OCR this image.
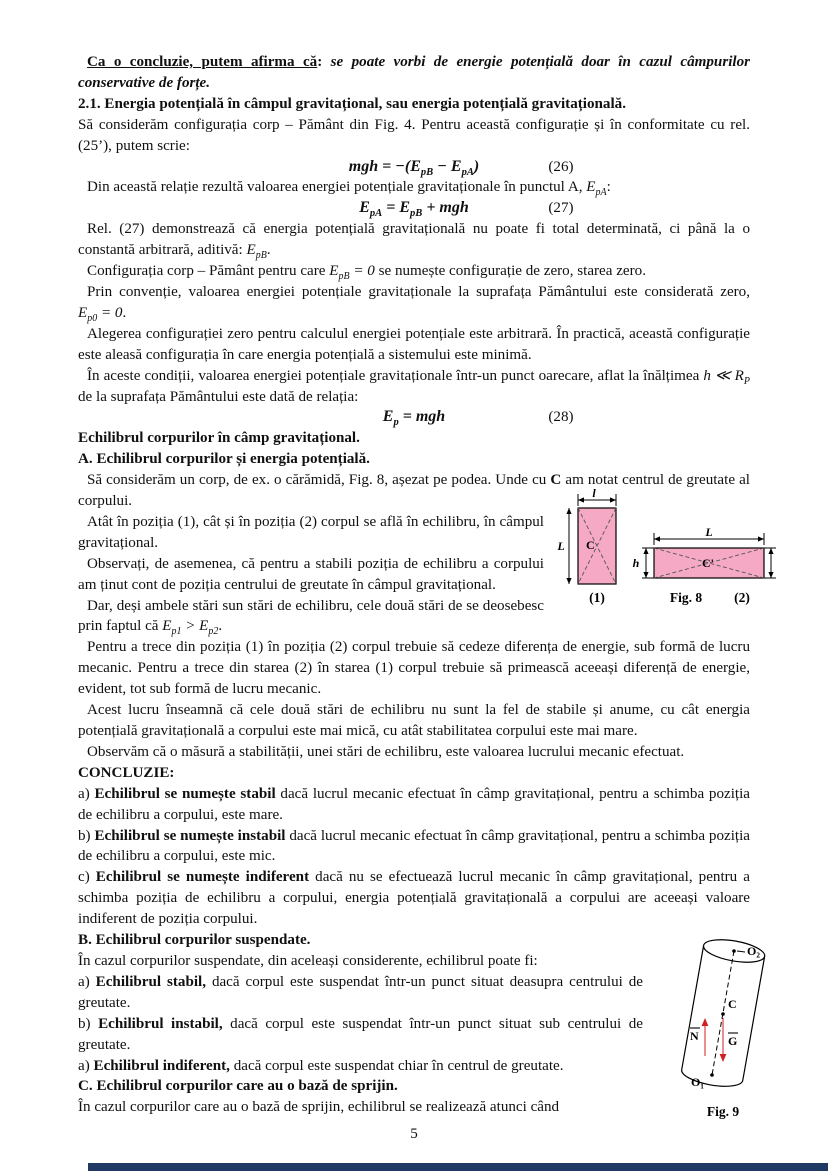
Ca o concluzie, putem afirma că: se poate vorbi de energie potențială doar în cazul câmpurilor conservative de forțe.

2.1. Energia potențială în câmpul gravitațional, sau energia potențială gravitațională.

Să considerăm configurația corp – Pământ din Fig. 4. Pentru această configurație și în conformitate cu rel. (25’), putem scrie:

mgh = $-(E_{pB} - E_{pA})$	(26)

Din această relație rezultă valoarea energiei potențiale gravitaționale în punctul A, $E_{pA}$:

$E_{pA} = E_{pB}$ + mgh	(27)

Rel. (27) demonstrează că energia potențială gravitațională nu poate fi total determinată, ci până la o constantă arbitrară, aditivă: $E_{pB}$.

Configurația corp – Pământ pentru care $E_{pB} = 0$ se numește configurație de zero, starea zero.

Prin convenție, valoarea energiei potențiale gravitaționale la suprafața Pământului este considerată zero, $E_{p0} = 0$.

Alegerea configurației zero pentru calculul energiei potențiale este arbitrară. În practică, această configurație este aleasă configurația în care energia potențială a sistemului este minimă.

În aceste condiții, valoarea energiei potențiale gravitaționale într-un punct oarecare, aflat la înălțimea h ≪ $R_P$ de la suprafața Pământului este dată de relația:

$E_p$ = mgh	(28)

Echilibrul corpurilor în câmp gravitațional.

A. Echilibrul corpurilor și energia potențială.

Să considerăm un corp, de ex. o cărămidă, Fig. 8, așezat pe podea. Unde cu C am notat centrul de greutate al corpului.

C
l
L
C'
L
h
(1)	Fig. 8 (2)

Atât în poziția (1), cât și în poziția (2) corpul se află în echilibru, în câmpul gravitațional.

Observați, de asemenea, că pentru a stabili poziția de echilibru a corpului am ținut cont de poziția centrului de greutate în câmpul gravitațional.

Dar, deși ambele stări sun stări de echilibru, cele două stări de se deosebesc prin faptul că $E_{p1} > E_{p2}$.

Pentru a trece din poziția (1) în poziția (2) corpul trebuie să cedeze diferența de energie, sub formă de lucru mecanic. Pentru a trece din starea (2) în starea (1) corpul trebuie să primească aceeași diferență de energie, evident, tot sub formă de lucru mecanic.

Acest lucru înseamnă că cele două stări de echilibru nu sunt la fel de stabile și anume, cu cât energia potențială gravitațională a corpului este mai mică, cu atât stabilitatea corpului este mai mare.

Observăm că o măsură a stabilității, unei stări de echilibru, este valoarea lucrului mecanic efectuat.

CONCLUZIE:

a) Echilibrul se numește stabil dacă lucrul mecanic efectuat în câmp gravitațional, pentru a schimba poziția de echilibru a corpului, este mare.

b) Echilibrul se numește instabil dacă lucrul mecanic efectuat în câmp gravitațional, pentru a schimba poziția de echilibru a corpului, este mic.

c) Echilibrul se numește indiferent dacă nu se efectuează lucrul mecanic în câmp gravitațional, pentru a schimba poziția de echilibru a corpului, energia potențială gravitațională a corpului are aceeași valoare indiferent de poziția corpului.

O₂
C
O₁
N G
Fig. 9

B. Echilibrul corpurilor suspendate.

În cazul corpurilor suspendate, din aceleași considerente, echilibrul poate fi:

a) Echilibrul stabil, dacă corpul este suspendat într-un punct situat deasupra centrului de greutate.

b) Echilibrul instabil, dacă corpul este suspendat într-un punct situat sub centrului de greutate.

a) Echilibrul indiferent, dacă corpul este suspendat chiar în centrul de greutate.

C. Echilibrul corpurilor care au o bază de sprijin.

În cazul corpurilor care au o bază de sprijin, echilibrul se realizează atunci când

5
